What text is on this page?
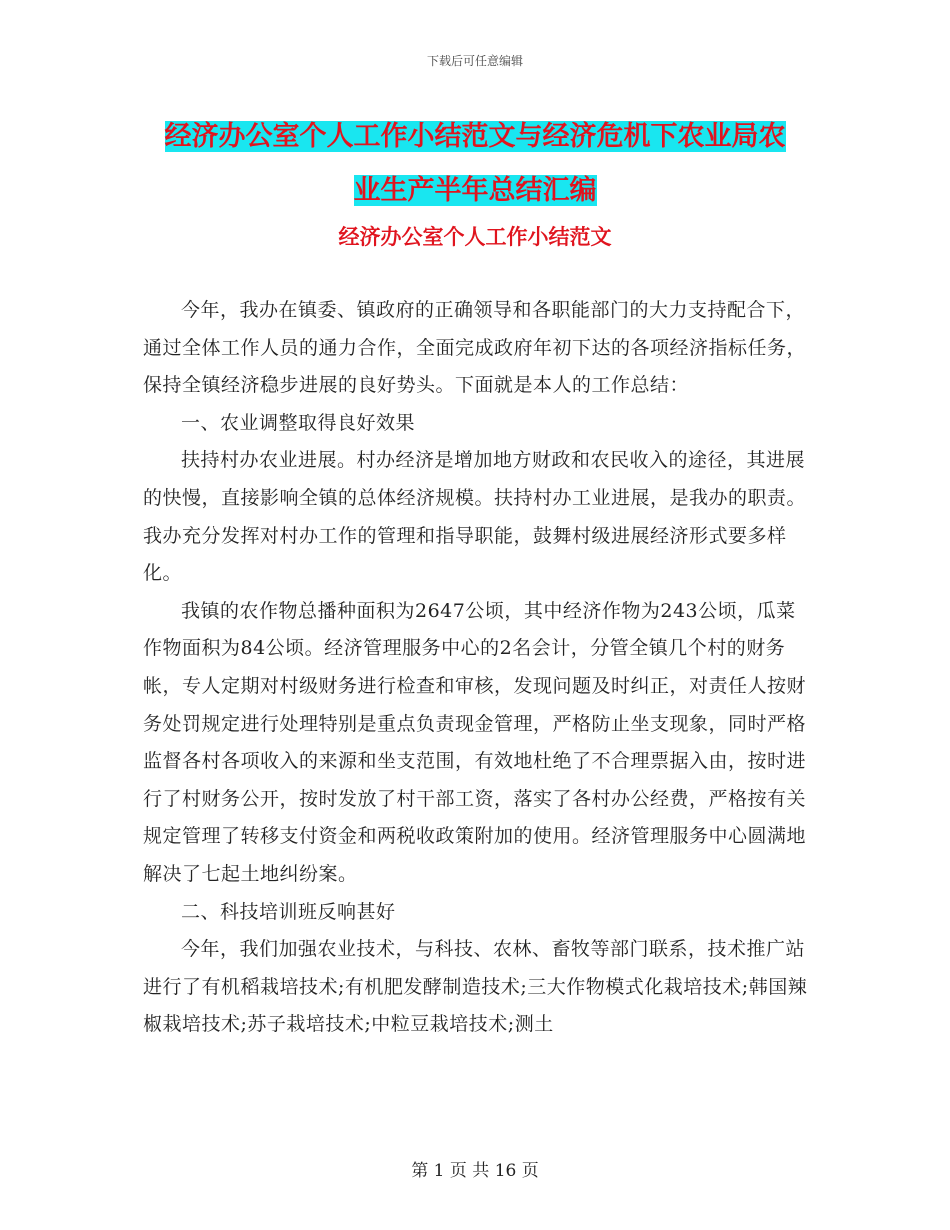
下载后可任意编辑
经济办公室个人工作小结范文与经济危机下农业局农
业生产半年总结汇编
经济办公室个人工作小结范文

今年，我办在镇委、镇政府的正确领导和各职能部门的大力支持配合下，通过全体工作人员的通力合作，全面完成政府年初下达的各项经济指标任务，保持全镇经济稳步进展的良好势头。下面就是本人的工作总结：

一、农业调整取得良好效果

扶持村办农业进展。村办经济是增加地方财政和农民收入的途径，其进展的快慢，直接影响全镇的总体经济规模。扶持村办工业进展，是我办的职责。我办充分发挥对村办工作的管理和指导职能，鼓舞村级进展经济形式要多样化。

我镇的农作物总播种面积为2647公顷，其中经济作物为243公顷，瓜菜作物面积为84公顷。经济管理服务中心的2名会计，分管全镇几个村的财务帐，专人定期对村级财务进行检查和审核，发现问题及时纠正，对责任人按财务处罚规定进行处理特别是重点负责现金管理，严格防止坐支现象，同时严格监督各村各项收入的来源和坐支范围，有效地杜绝了不合理票据入由，按时进行了村财务公开，按时发放了村干部工资，落实了各村办公经费，严格按有关规定管理了转移支付资金和两税收政策附加的使用。经济管理服务中心圆满地解决了七起土地纠纷案。

二、科技培训班反响甚好

今年，我们加强农业技术，与科技、农林、畜牧等部门联系，技术推广站进行了有机稻栽培技术;有机肥发酵制造技术;三大作物模式化栽培技术;韩国辣椒栽培技术;苏子栽培技术;中粒豆栽培技术;测土

第 1 页 共 16 页
